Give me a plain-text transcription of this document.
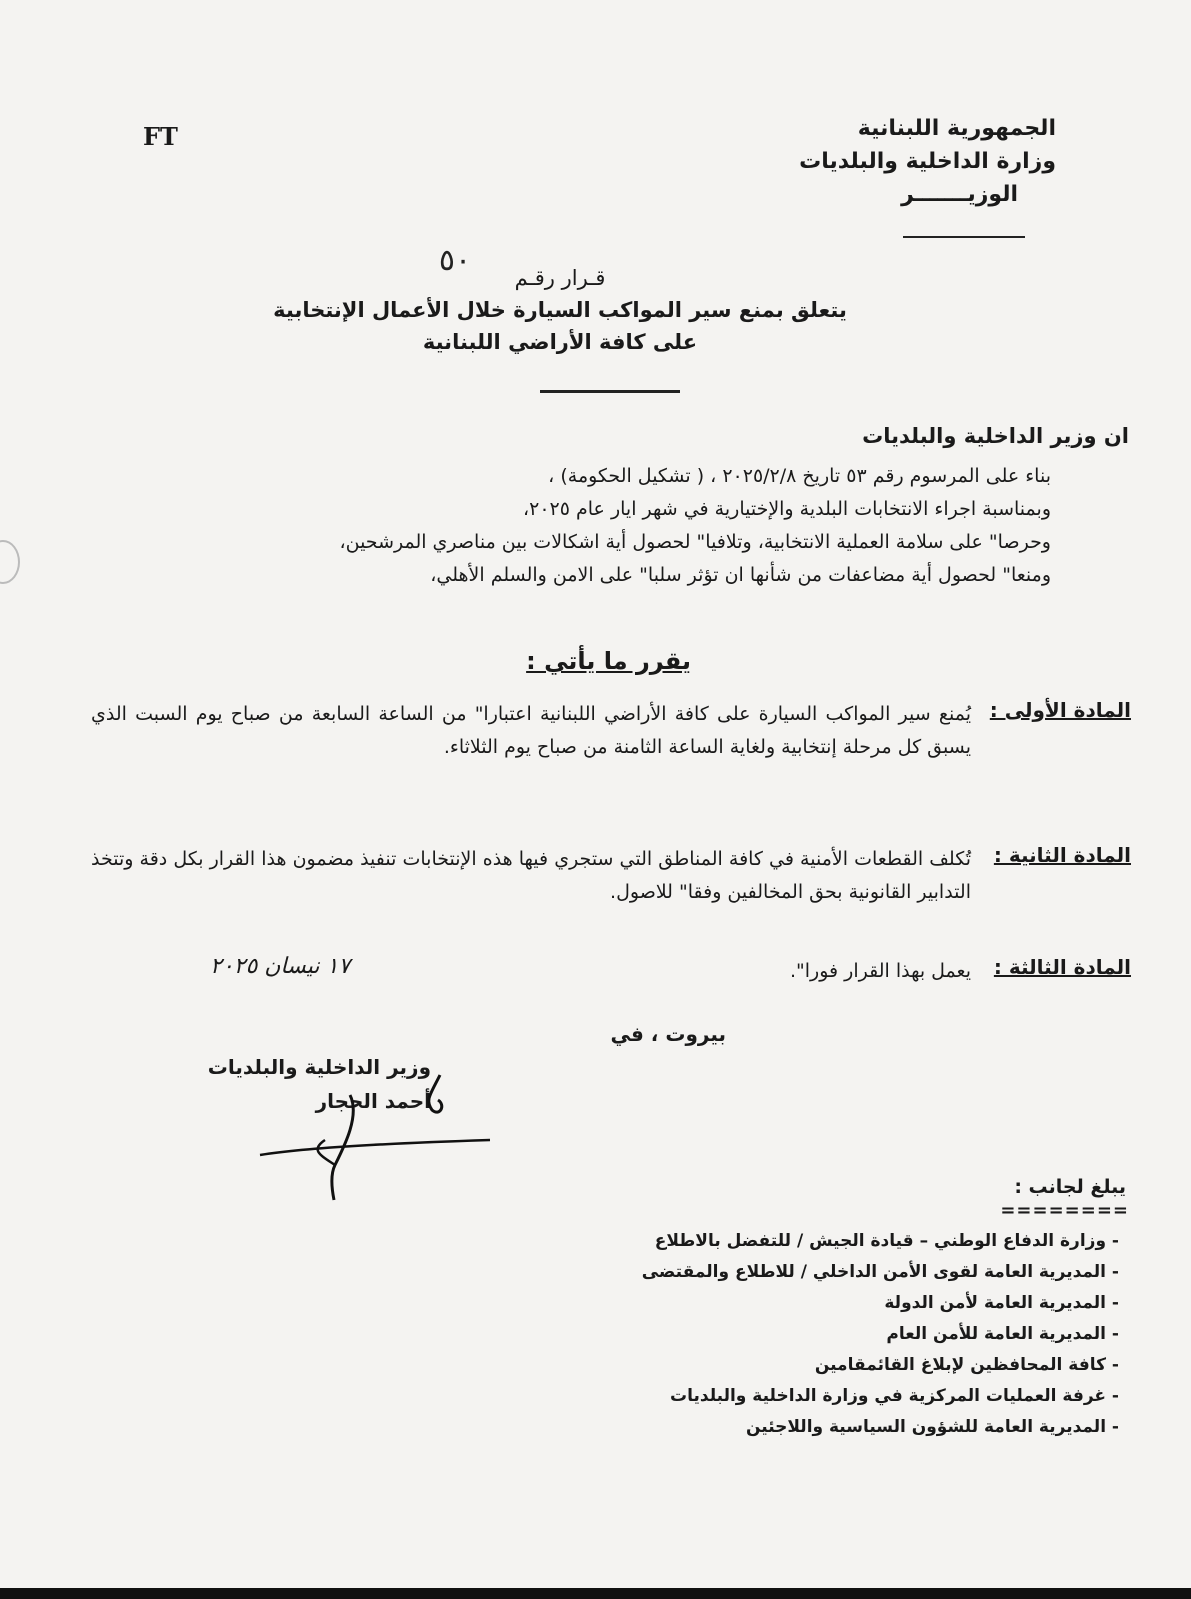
FT	الجمهورية اللبنانية
وزارة الداخلية والبلديات
الوزيـــــــر
٥٠	قـرار رقـم
يتعلق بمنع سير المواكب السيارة خلال الأعمال الإنتخابية
على كافة الأراضي اللبنانية
ان وزير الداخلية والبلديات
بناء على المرسوم رقم ٥٣ تاريخ ٢٠٢٥/٢/٨ ، ( تشكيل الحكومة) ،
وبمناسبة اجراء الانتخابات البلدية والإختيارية في شهر ايار عام ٢٠٢٥،
وحرصا" على سلامة العملية الانتخابية، وتلافيا" لحصول أية اشكالات بين مناصري المرشحين،
ومنعا" لحصول أية مضاعفات من شأنها ان تؤثر سلبا" على الامن والسلم الأهلي،
يقرر ما يأتي :
المادة الأولى :
يُمنع سير المواكب السيارة على كافة الأراضي اللبنانية اعتبارا" من الساعة السابعة من صباح يوم السبت الذي يسبق كل مرحلة إنتخابية ولغاية الساعة الثامنة من صباح يوم الثلاثاء.
المادة الثانية :
تُكلف القطعات الأمنية في كافة المناطق التي ستجري فيها هذه الإنتخابات تنفيذ مضمون هذا القرار بكل دقة وتتخذ التدابير القانونية بحق المخالفين وفقا" للاصول.
المادة الثالثة :
يعمل بهذا القرار فورا".
١٧ نيسان ٢٠٢٥
بيروت ، في
وزير الداخلية والبلديات
أحمد الحجار
يبلغ لجانب :
========
- وزارة الدفاع الوطني – قيادة الجيش / للتفضل بالاطلاع
- المديرية العامة لقوى الأمن الداخلي / للاطلاع والمقتضى
- المديرية العامة لأمن الدولة
- المديرية العامة للأمن العام
- كافة المحافظين لإبلاغ القائمقامين
- غرفة العمليات المركزية في وزارة الداخلية والبلديات
- المديرية العامة للشؤون السياسية واللاجئين
